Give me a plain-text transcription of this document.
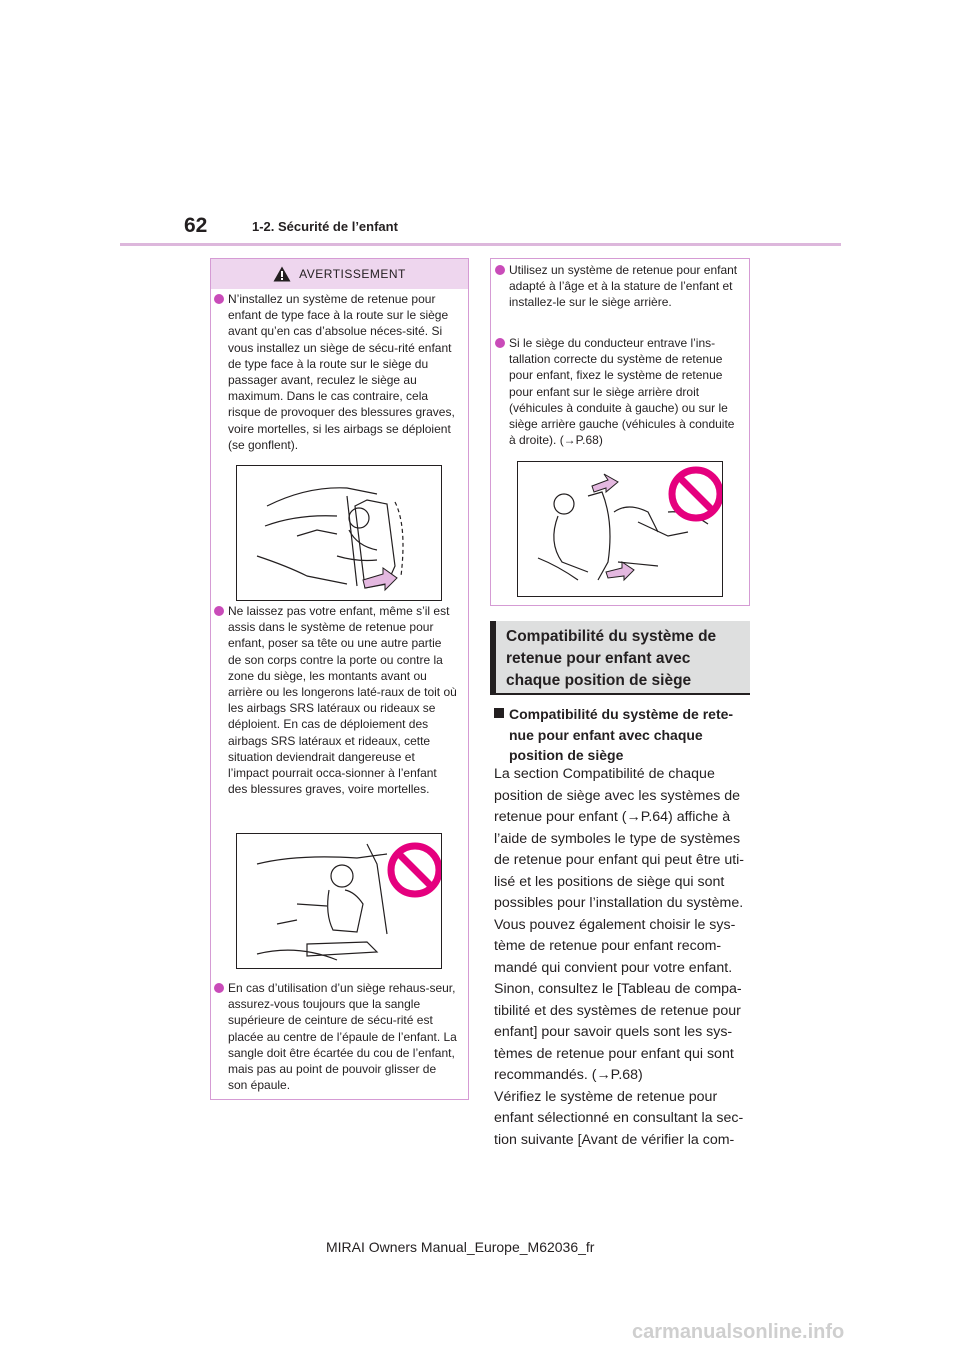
62	1-2. Sécurité de l’enfant
AVERTISSEMENT
N’installez un système de retenue pour enfant de type face à la route sur le siège avant qu’en cas d’absolue néces-sité. Si vous installez un siège de sécu-rité enfant de type face à la route sur le siège du passager avant, reculez le siège au maximum. Dans le cas contraire, cela risque de provoquer des blessures graves, voire mortelles, si les airbags se déploient (se gonflent).
Ne laissez pas votre enfant, même s’il est assis dans le système de retenue pour enfant, poser sa tête ou une autre partie de son corps contre la porte ou contre la zone du siège, les montants avant ou arrière ou les longerons laté-raux de toit où les airbags SRS latéraux ou rideaux se déploient. En cas de déploiement des airbags SRS latéraux et rideaux, cette situation deviendrait dangereuse et l’impact pourrait occa-sionner à l’enfant des blessures graves, voire mortelles.
En cas d’utilisation d’un siège rehaus-seur, assurez-vous toujours que la sangle supérieure de ceinture de sécu-rité est placée au centre de l’épaule de l’enfant. La sangle doit être écartée du cou de l’enfant, mais pas au point de pouvoir glisser de son épaule.
Utilisez un système de retenue pour enfant adapté à l’âge et à la stature de l’enfant et installez-le sur le siège arrière.
Si le siège du conducteur entrave l’ins-tallation correcte du système de retenue pour enfant, fixez le système de retenue pour enfant sur le siège arrière droit (véhicules à conduite à gauche) ou sur le siège arrière gauche (véhicules à conduite à droite). (→P.68)
Compatibilité du système de retenue pour enfant avec chaque position de siège
Compatibilité du système de rete-nue pour enfant avec chaque position de siège
La section Compatibilité de chaque position de siège avec les systèmes de retenue pour enfant (→P.64) affiche à l’aide de symboles le type de systèmes de retenue pour enfant qui peut être uti-lisé et les positions de siège qui sont possibles pour l’installation du système. Vous pouvez également choisir le sys-tème de retenue pour enfant recom-mandé qui convient pour votre enfant. Sinon, consultez le [Tableau de compa-tibilité et des systèmes de retenue pour enfant] pour savoir quels sont les sys-tèmes de retenue pour enfant qui sont recommandés. (→P.68)
Vérifiez le système de retenue pour enfant sélectionné en consultant la sec-tion suivante [Avant de vérifier la com-
MIRAI Owners Manual_Europe_M62036_fr
carmanualsonline.info
